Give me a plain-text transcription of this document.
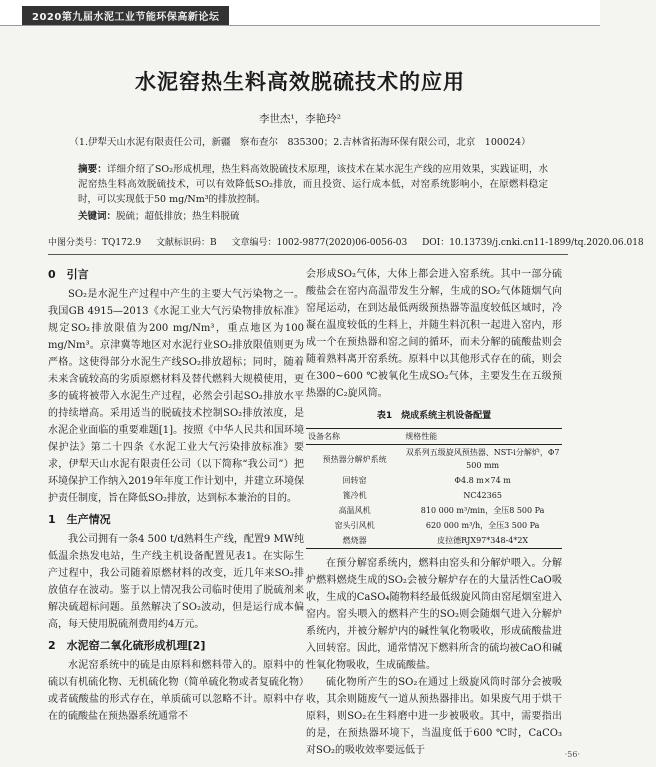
2020第九届水泥工业节能环保高新论坛
水泥窑热生料高效脱硫技术的应用
李世杰¹，李艳玲²
（1.伊犁天山水泥有限责任公司，新疆　察布查尔　835300；2.吉林省拓海环保有限公司，北京　100024）
摘要：详细介绍了SO₂形成机理，热生料高效脱硫技术原理，该技术在某水泥生产线的应用效果，实践证明，水泥窑热生料高效脱硫技术，可以有效降低SO₂排放，而且投资、运行成本低，对窑系统影响小，在原燃料稳定时，可以实现低于50 mg/Nm³的排放控制。
关键词：脱硫；超低排放；热生料脱硫
中图分类号：TQ172.9 文献标识码：B 文章编号：1002-9877(2020)06-0056-03 DOI：10.13739/j.cnki.cn11-1899/tq.2020.06.018
0　引言

SO₂是水泥生产过程中产生的主要大气污染物之一。我国GB 4915—2013《水泥工业大气污染物排放标准》规定SO₂排放限值为200 mg/Nm³，重点地区为100 mg/Nm³。京津冀等地区对水泥行业SO₂排放限值则更为严格。这使得部分水泥生产线SO₂排放超标；同时，随着未来含硫较高的劣质原燃材料及替代燃料大规模使用，更多的硫将被带入水泥生产过程，必然会引起SO₂排放水平的持续增高。采用适当的脱硫技术控制SO₂排放浓度，是水泥企业面临的重要难题[1]。按照《中华人民共和国环境保护法》第二十四条《水泥工业大气污染排放标准》要求，伊犁天山水泥有限责任公司（以下简称“我公司”）把环境保护工作纳入2019年年度工作计划中，并建立环境保护责任制度，旨在降低SO₂排放，达到标本兼治的目的。

1　生产情况

我公司拥有一条4 500 t/d熟料生产线，配置9 MW纯低温余热发电站，生产线主机设备配置见表1。在实际生产过程中，我公司随着原燃材料的改变，近几年来SO₂排放值存在波动。鉴于以上情况我公司临时使用了脱硫剂来解决硫超标问题。虽然解决了SO₂波动，但是运行成本偏高，每天使用脱硫剂费用约4万元。

2　水泥窑二氧化硫形成机理[2]

水泥窑系统中的硫是由原料和燃料带入的。原料中的硫以有机硫化物、无机硫化物（简单硫化物或者复硫化物）或者硫酸盐的形式存在，单质硫可以忽略不计。原料中存在的硫酸盐在预热器系统通常不

会形成SO₂气体，大体上都会进入窑系统。其中一部分硫酸盐会在窑内高温带发生分解，生成的SO₂气体随烟气向窑尾运动，在到达最低两级预热器等温度较低区域时，冷凝在温度较低的生料上，并随生料沉积一起进入窑内，形成一个在预热器和窑之间的循环，而未分解的硫酸盐则会随着熟料离开窑系统。原料中以其他形式存在的硫，则会在300~600 ℃被氧化生成SO₂气体，主要发生在五级预热器的C₂旋风筒。

表1　烧成系统主机设备配置
设备名称	规格性能
预热器分解炉系统	双系列五级旋风预热器、NST-i分解炉，Φ7 500 mm
回转窑	Φ4.8 m×74 m
篦冷机	NC42365
高温风机	810 000 m³/min，全压8 500 Pa
窑头引风机	620 000 m³/h，全压3 500 Pa
燃烧器	皮拉德RJX97*348-4*2X

在预分解窑系统内，燃料由窑头和分解炉喂入。分解炉燃料燃烧生成的SO₂会被分解炉存在的大量活性CaO吸收，生成的CaSO₄随物料经最低级旋风筒由窑尾烟室进入窑内。窑头喂入的燃料产生的SO₂则会随烟气进入分解炉系统内，并被分解炉内的碱性氧化物吸收，形成硫酸盐进入回转窑。因此，通常情况下燃料所含的硫均被CaO和碱性氧化物吸收，生成硫酸盐。

硫化物所产生的SO₂在通过上级旋风筒时部分会被吸收，其余则随废气一道从预热器排出。如果废气用于烘干原料，则SO₂在生料磨中进一步被吸收。其中，需要指出的是，在预热器环境下，当温度低于600 ℃时，CaCO₃对SO₂的吸收效率要远低于	·56·
